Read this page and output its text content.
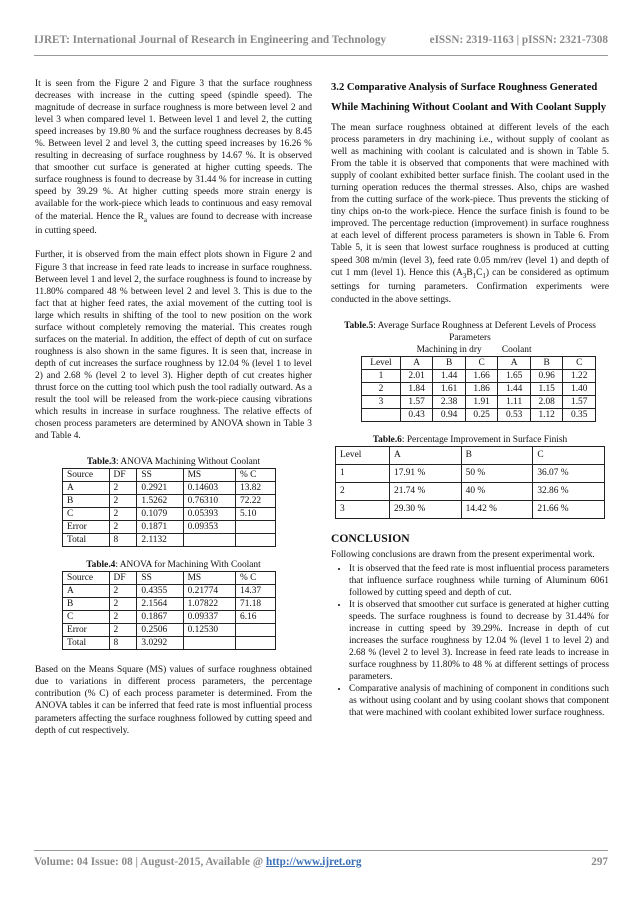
IJRET: International Journal of Research in Engineering and Technology	eISSN: 2319-1163 | pISSN: 2321-7308

It is seen from the Figure 2 and Figure 3 that the surface roughness decreases with increase in the cutting speed (spindle speed). The magnitude of decrease in surface roughness is more between level 2 and level 3 when compared level 1. Between level 1 and level 2, the cutting speed increases by 19.80 % and the surface roughness decreases by 8.45 %. Between level 2 and level 3, the cutting speed increases by 16.26 % resulting in decreasing of surface roughness by 14.67 %. It is observed that smoother cut surface is generated at higher cutting speeds. The surface roughness is found to decrease by 31.44 % for increase in cutting speed by 39.29 %. At higher cutting speeds more strain energy is available for the work-piece which leads to continuous and easy removal of the material. Hence the $R_a$ values are found to decrease with increase in cutting speed.

Further, it is observed from the main effect plots shown in Figure 2 and Figure 3 that increase in feed rate leads to increase in surface roughness. Between level 1 and level 2, the surface roughness is found to increase by 11.80% compared 48 % between level 2 and level 3. This is due to the fact that at higher feed rates, the axial movement of the cutting tool is large which results in shifting of the tool to new position on the work surface without completely removing the material. This creates rough surfaces on the material. In addition, the effect of depth of cut on surface roughness is also shown in the same figures. It is seen that, increase in depth of cut increases the surface roughness by 12.04 % (level 1 to level 2) and 2.68 % (level 2 to level 3). Higher depth of cut creates higher thrust force on the cutting tool which push the tool radially outward. As a result the tool will be released from the work-piece causing vibrations which results in increase in surface roughness. The relative effects of chosen process parameters are determined by ANOVA shown in Table 3 and Table 4.

Table.3: ANOVA Machining Without Coolant
Source	DF	SS	MS	% C
A	2	0.2921	0.14603	13.82
B	2	1.5262	0.76310	72.22
C	2	0.1079	0.05393	5.10
Error	2	0.1871	0.09353	
Total	8	2.1132		
Table.4: ANOVA for Machining With Coolant
Source	DF	SS	MS	% C
A	2	0.4355	0.21774	14.37
B	2	2.1564	1.07822	71.18
C	2	0.1867	0.09337	6.16
Error	2	0.2506	0.12530	
Total	8	3.0292		

Based on the Means Square (MS) values of surface roughness obtained due to variations in different process parameters, the percentage contribution (% C) of each process parameter is determined. From the ANOVA tables it can be inferred that feed rate is most influential process parameters affecting the surface roughness followed by cutting speed and depth of cut respectively.

3.2 Comparative Analysis of Surface Roughness Generated While Machining Without Coolant and With Coolant Supply

The mean surface roughness obtained at different levels of the each process parameters in dry machining i.e., without supply of coolant as well as machining with coolant is calculated and is shown in Table 5. From the table it is observed that components that were machined with supply of coolant exhibited better surface finish. The coolant used in the turning operation reduces the thermal stresses. Also, chips are washed from the cutting surface of the work-piece. Thus prevents the sticking of tiny chips on-to the work-piece. Hence the surface finish is found to be improved. The percentage reduction (improvement) in surface roughness at each level of different process parameters is shown in Table 6. From Table 5, it is seen that lowest surface roughness is produced at cutting speed 308 m/min (level 3), feed rate 0.05 mm/rev (level 1) and depth of cut 1 mm (level 1). Hence this $(A_3B_1C_1)$ can be considered as optimum settings for turning parameters. Confirmation experiments were conducted in the above settings.

Table.5: Average Surface Roughness at Deferent Levels of Process Parameters
	Machining in dry			Coolant		
Level	A	B	C	A	B	C
1	2.01	1.44	1.66	1.65	0.96	1.22
2	1.84	1.61	1.86	1.44	1.15	1.40
3	1.57	2.38	1.91	1.11	2.08	1.57
	0.43	0.94	0.25	0.53	1.12	0.35
Table.6: Percentage Improvement in Surface Finish
Level	A	B	C
1	17.91 %	50 %	36.07 %
2	21.74 %	40 %	32.86 %
3	29.30 %	14.42 %	21.66 %
CONCLUSION

Following conclusions are drawn from the present experimental work.

• It is observed that the feed rate is most influential process parameters that influence surface roughness while turning of Aluminum 6061 followed by cutting speed and depth of cut.
• It is observed that smoother cut surface is generated at higher cutting speeds. The surface roughness is found to decrease by 31.44% for increase in cutting speed by 39.29%. Increase in depth of cut increases the surface roughness by 12.04 % (level 1 to level 2) and 2.68 % (level 2 to level 3). Increase in feed rate leads to increase in surface roughness by 11.80% to 48 % at different settings of process parameters.
• Comparative analysis of machining of component in conditions such as without using coolant and by using coolant shows that component that were machined with coolant exhibited lower surface roughness.
Volume: 04 Issue: 08 | August-2015, Available @ http://www.ijret.org	297
